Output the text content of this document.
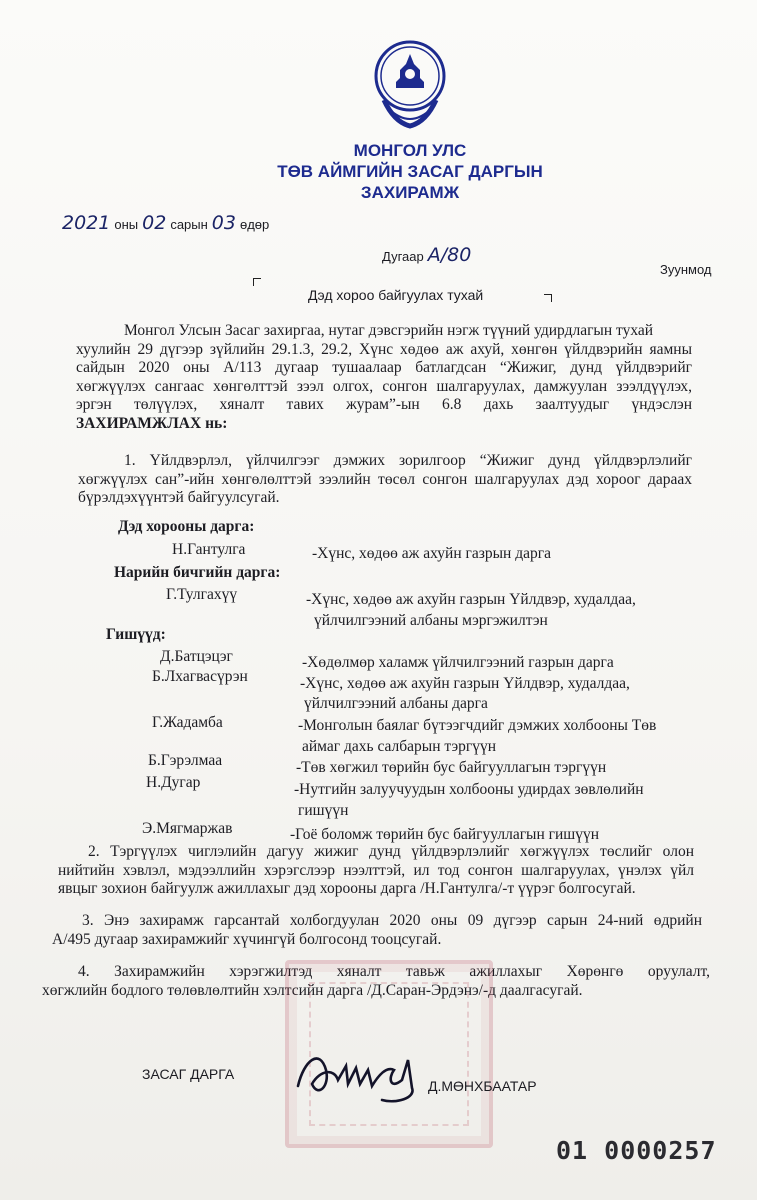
МОНГОЛ УЛС
ТӨВ АЙМГИЙН ЗАСАГ ДАРГЫН
ЗАХИРАМЖ
2021 оны 02 сарын 03 өдөр
Дугаар А/80
Зуунмод
Дэд хороо байгуулах тухай
Монгол Улсын Засаг захиргаа, нутаг дэвсгэрийн нэгж түүний удирдлагын тухай
хуулийн 29 дүгээр зүйлийн 29.1.3, 29.2, Хүнс хөдөө аж ахуй, хөнгөн үйлдвэрийн яамны
сайдын 2020 оны А/113 дугаар тушаалаар батлагдсан “Жижиг, дунд үйлдвэрийг
хөгжүүлэх сангаас хөнгөлттэй зээл олгох, сонгон шалгаруулах, дамжуулан зээлдүүлэх,
эргэн төлүүлэх, хяналт тавих журам”-ын 6.8 дахь заалтуудыг үндэслэн
ЗАХИРАМЖЛАХ нь:
1. Үйлдвэрлэл, үйлчилгээг дэмжих зорилгоор “Жижиг дунд үйлдвэрлэлийг
хөгжүүлэх сан”-ийн хөнгөлөлттэй зээлийн төсөл сонгон шалгаруулах дэд хороог дараах
бүрэлдэхүүнтэй байгуулсугай.
Дэд хорооны дарга:
Н.Гантулга	-Хүнс, хөдөө аж ахуйн газрын дарга
Нарийн бичгийн дарга:
Г.Тулгахүү	-Хүнс, хөдөө аж ахуйн газрын Үйлдвэр, худалдаа,
үйлчилгээний албаны мэргэжилтэн
Гишүүд:
Д.Батцэцэг	-Хөдөлмөр халамж үйлчилгээний газрын дарга
Б.Лхагвасүрэн	-Хүнс, хөдөө аж ахуйн газрын Үйлдвэр, худалдаа,
үйлчилгээний албаны дарга
Г.Жадамба	-Монголын баялаг бүтээгчдийг дэмжих холбооны Төв
аймаг дахь салбарын тэргүүн
Б.Гэрэлмаа	-Төв хөгжил төрийн бус байгууллагын тэргүүн
Н.Дугар	-Нутгийн залуучуудын холбооны удирдах зөвлөлийн
гишүүн
Э.Мягмаржав	-Гоё боломж төрийн бус байгууллагын гишүүн
2. Тэргүүлэх чиглэлийн дагуу жижиг дунд үйлдвэрлэлийг хөгжүүлэх төслийг олон
нийтийн хэвлэл, мэдээллийн хэрэгслээр нээлттэй, ил тод сонгон шалгаруулах, үнэлэх үйл
явцыг зохион байгуулж ажиллахыг дэд хорооны дарга /Н.Гантулга/-т үүрэг болгосугай.
3. Энэ захирамж гарсантай холбогдуулан 2020 оны 09 дүгээр сарын 24-ний өдрийн
А/495 дугаар захирамжийг хүчингүй болгосонд тооцсугай.
4. Захирамжийн хэрэгжилтэд хяналт тавьж ажиллахыг Хөрөнгө оруулалт,
хөгжлийн бодлого төлөвлөлтийн хэлтсийн дарга /Д.Саран-Эрдэнэ/-д даалгасугай.
ЗАСАГ ДАРГА
Д.МӨНХБААТАР
01 0000257
